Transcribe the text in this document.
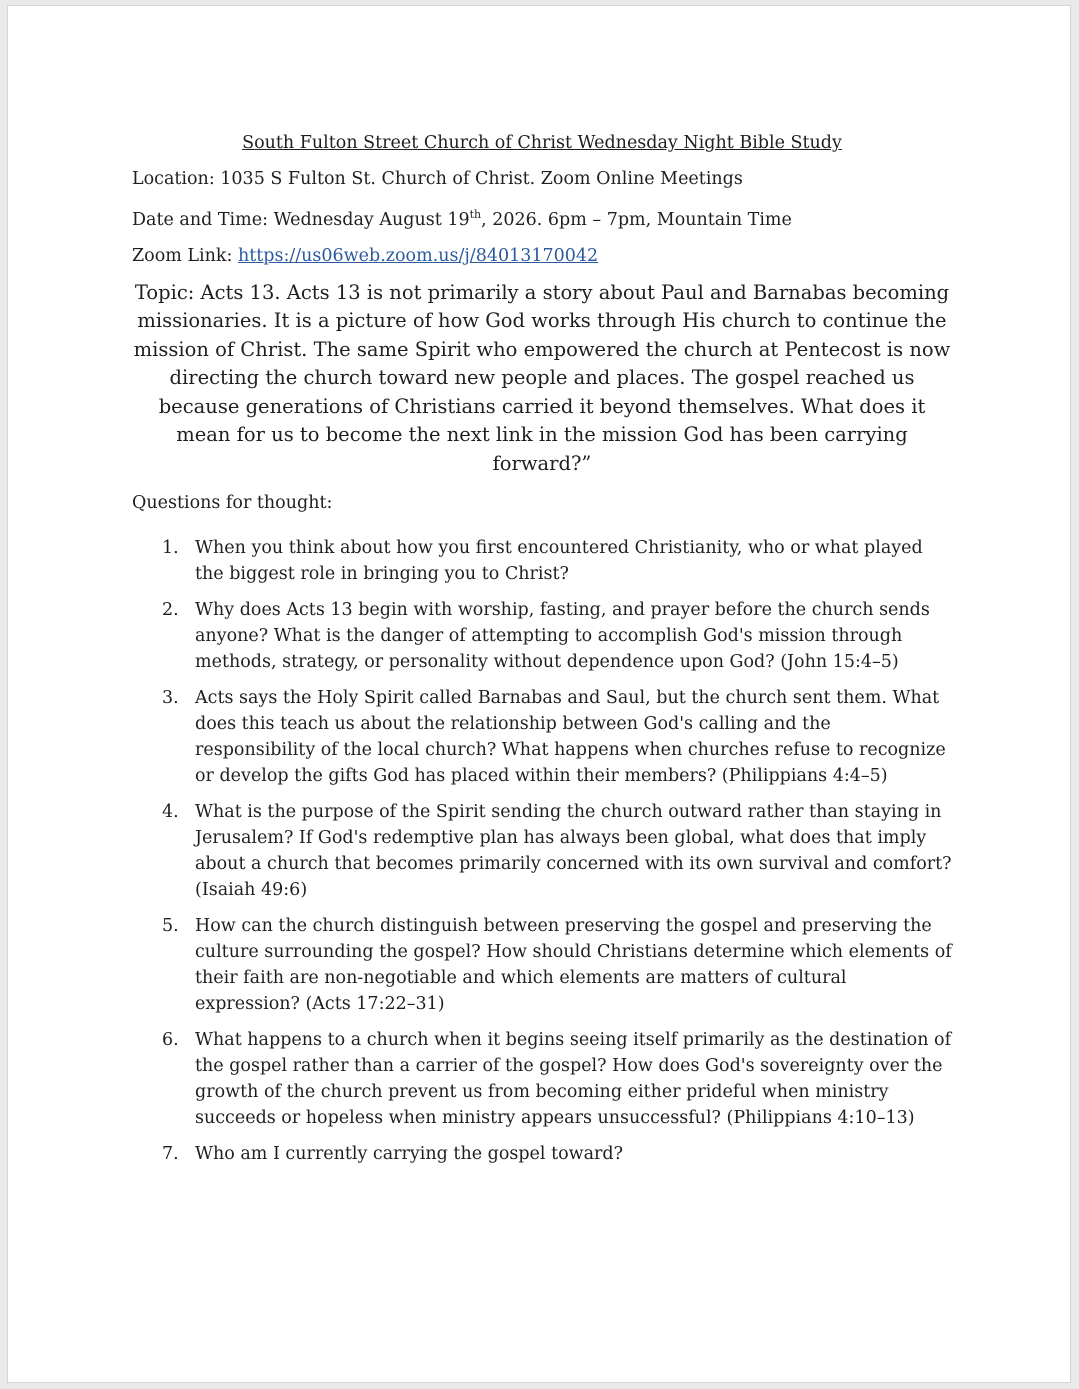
South Fulton Street Church of Christ Wednesday Night Bible Study
Location: 1035 S Fulton St. Church of Christ. Zoom Online Meetings
Date and Time: Wednesday August 19th, 2026. 6pm – 7pm, Mountain Time
Zoom Link: https://us06web.zoom.us/j/84013170042
Topic: Acts 13. Acts 13 is not primarily a story about Paul and Barnabas becoming missionaries. It is a picture of how God works through His church to continue the mission of Christ. The same Spirit who empowered the church at Pentecost is now directing the church toward new people and places. The gospel reached us because generations of Christians carried it beyond themselves. What does it mean for us to become the next link in the mission God has been carrying forward?”
Questions for thought:
1. When you think about how you first encountered Christianity, who or what played the biggest role in bringing you to Christ?
2. Why does Acts 13 begin with worship, fasting, and prayer before the church sends anyone? What is the danger of attempting to accomplish God's mission through methods, strategy, or personality without dependence upon God? (John 15:4–5)
3. Acts says the Holy Spirit called Barnabas and Saul, but the church sent them. What does this teach us about the relationship between God's calling and the responsibility of the local church? What happens when churches refuse to recognize or develop the gifts God has placed within their members? (Philippians 4:4–5)
4. What is the purpose of the Spirit sending the church outward rather than staying in Jerusalem? If God's redemptive plan has always been global, what does that imply about a church that becomes primarily concerned with its own survival and comfort? (Isaiah 49:6)
5. How can the church distinguish between preserving the gospel and preserving the culture surrounding the gospel? How should Christians determine which elements of their faith are non-negotiable and which elements are matters of cultural expression? (Acts 17:22–31)
6. What happens to a church when it begins seeing itself primarily as the destination of the gospel rather than a carrier of the gospel? How does God's sovereignty over the growth of the church prevent us from becoming either prideful when ministry succeeds or hopeless when ministry appears unsuccessful? (Philippians 4:10–13)
7. Who am I currently carrying the gospel toward?
